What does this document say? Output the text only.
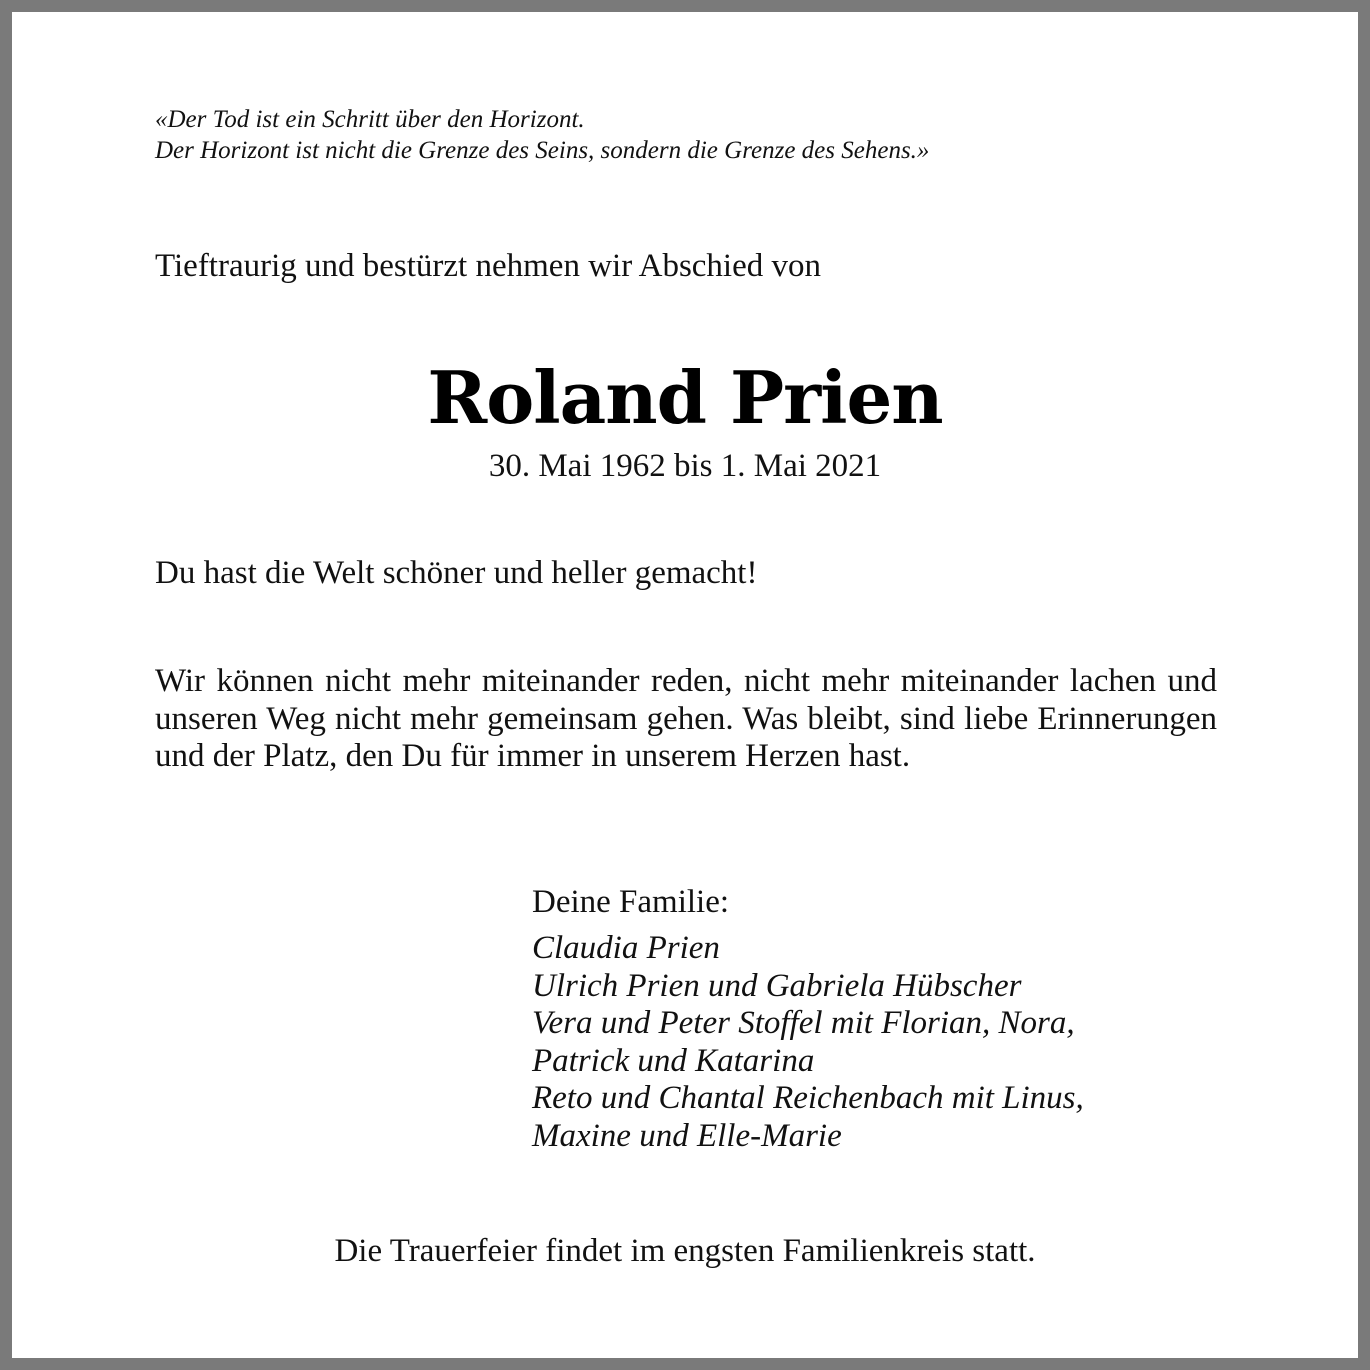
«Der Tod ist ein Schritt über den Horizont.
Der Horizont ist nicht die Grenze des Seins, sondern die Grenze des Sehens.»
Tieftraurig und bestürzt nehmen wir Abschied von
Roland Prien
30. Mai 1962 bis 1. Mai 2021
Du hast die Welt schöner und heller gemacht!
Wir können nicht mehr miteinander reden, nicht mehr miteinander lachen und unseren Weg nicht mehr gemeinsam gehen. Was bleibt, sind liebe Erinnerungen und der Platz, den Du für immer in unserem Herzen hast.
Deine Familie:
Claudia Prien
Ulrich Prien und Gabriela Hübscher
Vera und Peter Stoffel mit Florian, Nora,
Patrick und Katarina
Reto und Chantal Reichenbach mit Linus,
Maxine und Elle-Marie
Die Trauerfeier findet im engsten Familienkreis statt.
